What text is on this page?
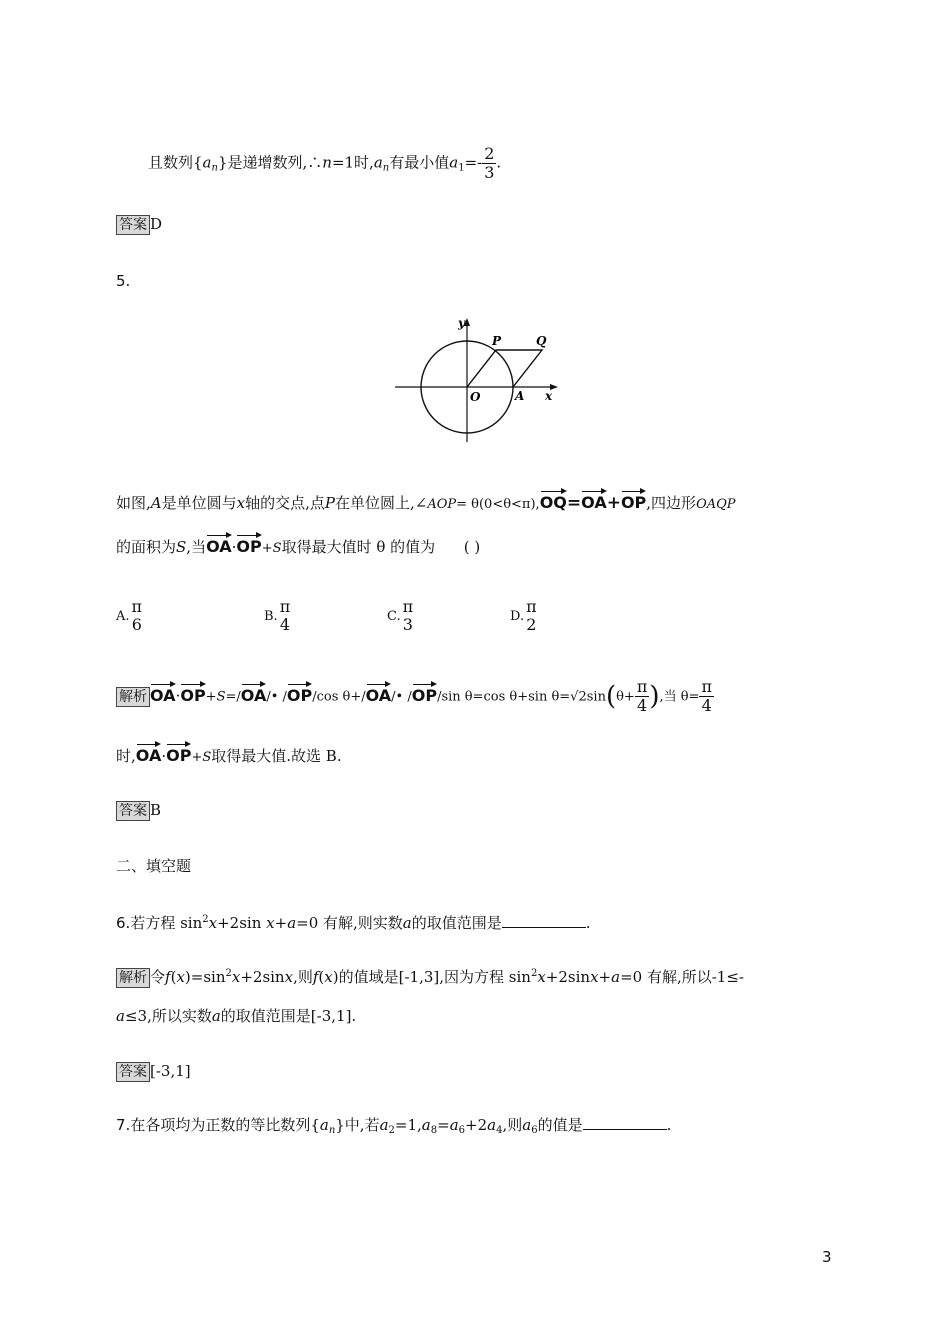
且数列$\{a_n\}$是递增数列,∴n=1时$,a_n$有最小值$a_1=- \frac{2}{3}$ .
答案 D
5.
y
P	Q
O	A x
如图,A是单位圆与x轴的交点,点P在单位圆上,∠AOP= θ(0<θ<π),OQ=OA+OP,四边形OAQP
的面积为S,当OA·OP+S取得最大值时 θ 的值为 ( )
A.
π
6	B.
π
4	C.
π
3	D.
π
2
解析 OA·OP+S=/OA/• /OP/cos θ+/OA/• /OP/sin θ=cos θ+sin $\theta=√2\sin(\theta+ \frac{\pi}{4}$ ),当 $\theta= \frac{\pi}{4}$
时,OA·OP+S取得最大值.故选 B.
答案 B
二、填空题
6.若方程 $\sin^2x+2\sin$ x+a=0 有解,则实数a的取值范围是	.
解析 令$f(x)=\sin^2x+2\sin x$,则f(x)的值域是[-1,3],因为方程 $\sin^2x+2\sin x+a=0$ 有解,所以-1≤-
a≤3,所以实数a的取值范围是[-3,1].
答案 [-3,1]
7.在各项均为正数的等比数列$\{a_n\}$中,若$a_2=1,a_8=a_6+2a_4$,则$a_6$的值是	.
3
